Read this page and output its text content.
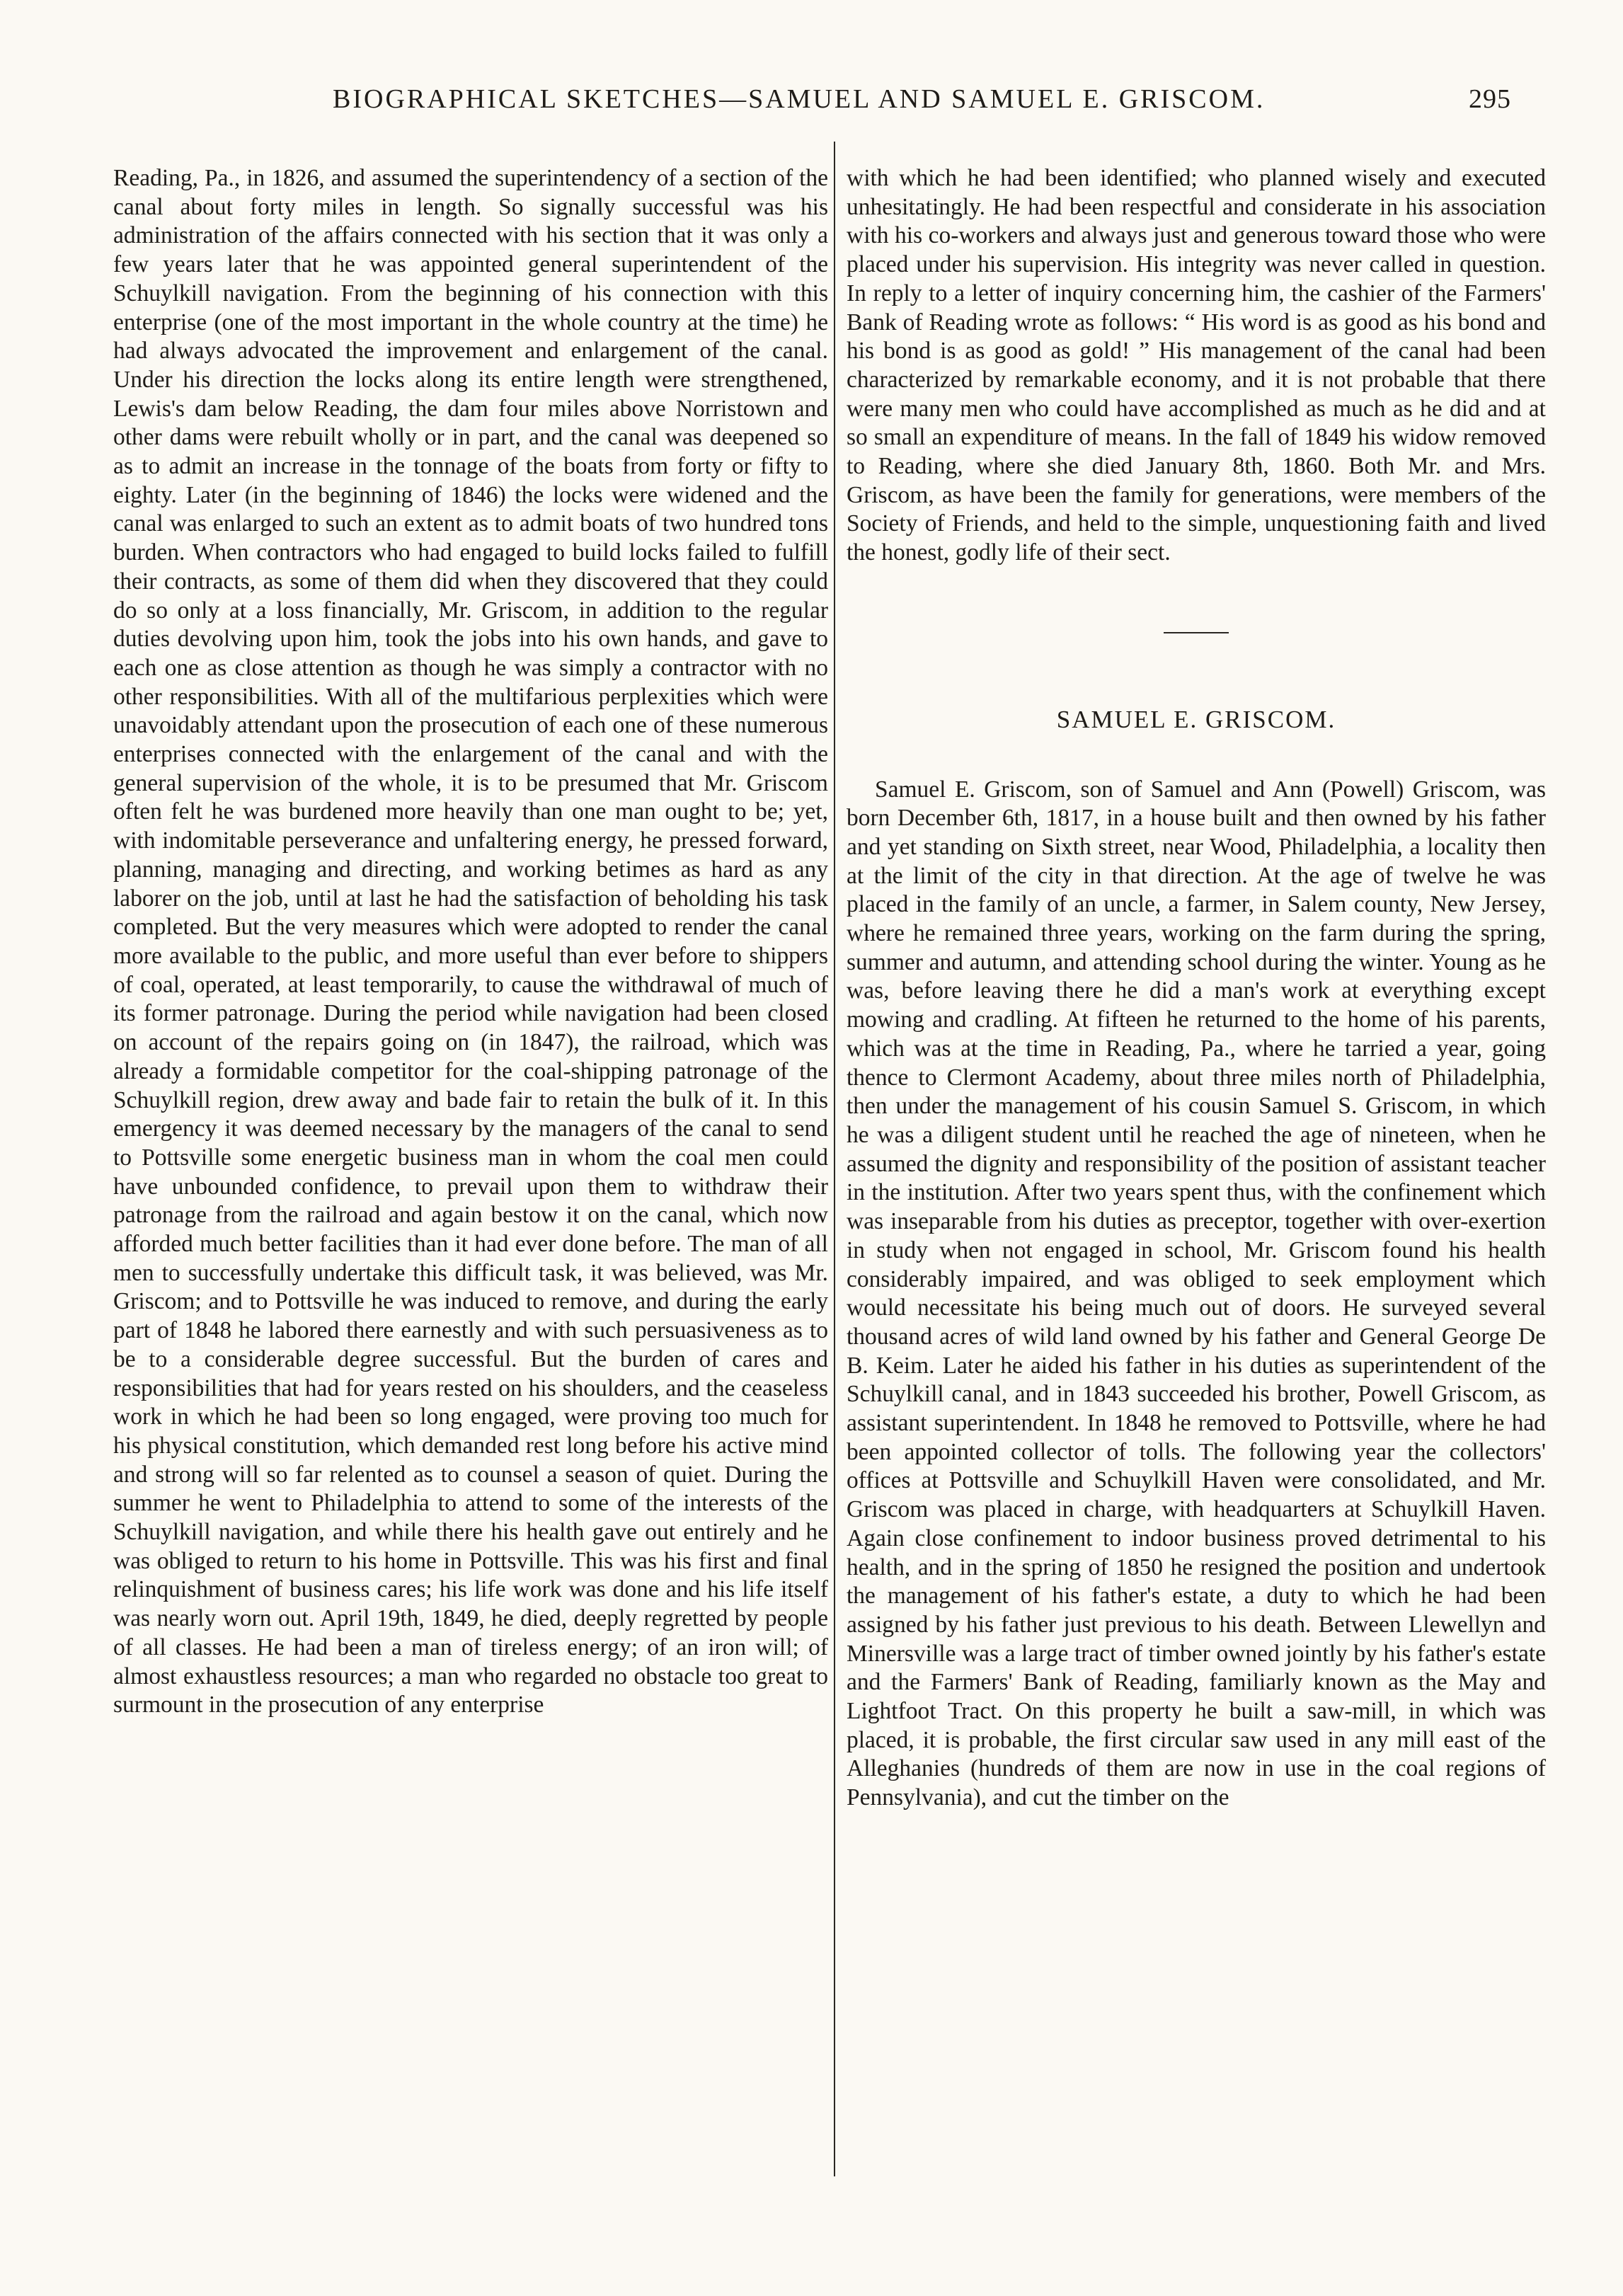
BIOGRAPHICAL SKETCHES—SAMUEL AND SAMUEL E. GRISCOM.	295

Reading, Pa., in 1826, and assumed the superintendency of a section of the canal about forty miles in length. So signally successful was his administration of the affairs connected with his section that it was only a few years later that he was appointed general superintendent of the Schuylkill navigation. From the beginning of his connection with this enterprise (one of the most important in the whole country at the time) he had always advocated the improvement and enlargement of the canal. Under his direction the locks along its entire length were strengthened, Lewis's dam below Reading, the dam four miles above Norristown and other dams were rebuilt wholly or in part, and the canal was deepened so as to admit an increase in the tonnage of the boats from forty or fifty to eighty. Later (in the beginning of 1846) the locks were widened and the canal was enlarged to such an extent as to admit boats of two hundred tons burden. When contractors who had engaged to build locks failed to fulfill their contracts, as some of them did when they discovered that they could do so only at a loss financially, Mr. Griscom, in addition to the regular duties devolving upon him, took the jobs into his own hands, and gave to each one as close attention as though he was simply a contractor with no other responsibilities. With all of the multifarious perplexities which were unavoidably attendant upon the prosecution of each one of these numerous enterprises connected with the enlargement of the canal and with the general supervision of the whole, it is to be presumed that Mr. Griscom often felt he was burdened more heavily than one man ought to be; yet, with indomitable perseverance and unfaltering energy, he pressed forward, planning, managing and directing, and working betimes as hard as any laborer on the job, until at last he had the satisfaction of beholding his task completed. But the very measures which were adopted to render the canal more available to the public, and more useful than ever before to shippers of coal, operated, at least temporarily, to cause the withdrawal of much of its former patronage. During the period while navigation had been closed on account of the repairs going on (in 1847), the railroad, which was already a formidable competitor for the coal-shipping patronage of the Schuylkill region, drew away and bade fair to retain the bulk of it. In this emergency it was deemed necessary by the managers of the canal to send to Pottsville some energetic business man in whom the coal men could have unbounded confidence, to prevail upon them to withdraw their patronage from the railroad and again bestow it on the canal, which now afforded much better facilities than it had ever done before. The man of all men to successfully undertake this difficult task, it was believed, was Mr. Griscom; and to Pottsville he was induced to remove, and during the early part of 1848 he labored there earnestly and with such persuasiveness as to be to a considerable degree successful. But the burden of cares and responsibilities that had for years rested on his shoulders, and the ceaseless work in which he had been so long engaged, were proving too much for his physical constitution, which demanded rest long before his active mind and strong will so far relented as to counsel a season of quiet. During the summer he went to Philadelphia to attend to some of the interests of the Schuylkill navigation, and while there his health gave out entirely and he was obliged to return to his home in Pottsville. This was his first and final relinquishment of business cares; his life work was done and his life itself was nearly worn out. April 19th, 1849, he died, deeply regretted by people of all classes. He had been a man of tireless energy; of an iron will; of almost exhaustless resources; a man who regarded no obstacle too great to surmount in the prosecution of any enterprise

with which he had been identified; who planned wisely and executed unhesitatingly. He had been respectful and considerate in his association with his co-workers and always just and generous toward those who were placed under his supervision. His integrity was never called in question. In reply to a letter of inquiry concerning him, the cashier of the Farmers' Bank of Reading wrote as follows: “ His word is as good as his bond and his bond is as good as gold! ” His management of the canal had been characterized by remarkable economy, and it is not probable that there were many men who could have accomplished as much as he did and at so small an expenditure of means. In the fall of 1849 his widow removed to Reading, where she died January 8th, 1860. Both Mr. and Mrs. Griscom, as have been the family for generations, were members of the Society of Friends, and held to the simple, unquestioning faith and lived the honest, godly life of their sect.

SAMUEL E. GRISCOM.

Samuel E. Griscom, son of Samuel and Ann (Powell) Griscom, was born December 6th, 1817, in a house built and then owned by his father and yet standing on Sixth street, near Wood, Philadelphia, a locality then at the limit of the city in that direction. At the age of twelve he was placed in the family of an uncle, a farmer, in Salem county, New Jersey, where he remained three years, working on the farm during the spring, summer and autumn, and attending school during the winter. Young as he was, before leaving there he did a man's work at everything except mowing and cradling. At fifteen he returned to the home of his parents, which was at the time in Reading, Pa., where he tarried a year, going thence to Clermont Academy, about three miles north of Philadelphia, then under the management of his cousin Samuel S. Griscom, in which he was a diligent student until he reached the age of nineteen, when he assumed the dignity and responsibility of the position of assistant teacher in the institution. After two years spent thus, with the confinement which was inseparable from his duties as preceptor, together with over-exertion in study when not engaged in school, Mr. Griscom found his health considerably impaired, and was obliged to seek employment which would necessitate his being much out of doors. He surveyed several thousand acres of wild land owned by his father and General George De B. Keim. Later he aided his father in his duties as superintendent of the Schuylkill canal, and in 1843 succeeded his brother, Powell Griscom, as assistant superintendent. In 1848 he removed to Pottsville, where he had been appointed collector of tolls. The following year the collectors' offices at Pottsville and Schuylkill Haven were consolidated, and Mr. Griscom was placed in charge, with headquarters at Schuylkill Haven. Again close confinement to indoor business proved detrimental to his health, and in the spring of 1850 he resigned the position and undertook the management of his father's estate, a duty to which he had been assigned by his father just previous to his death. Between Llewellyn and Minersville was a large tract of timber owned jointly by his father's estate and the Farmers' Bank of Reading, familiarly known as the May and Lightfoot Tract. On this property he built a saw-mill, in which was placed, it is probable, the first circular saw used in any mill east of the Alleghanies (hundreds of them are now in use in the coal regions of Pennsylvania), and cut the timber on the
